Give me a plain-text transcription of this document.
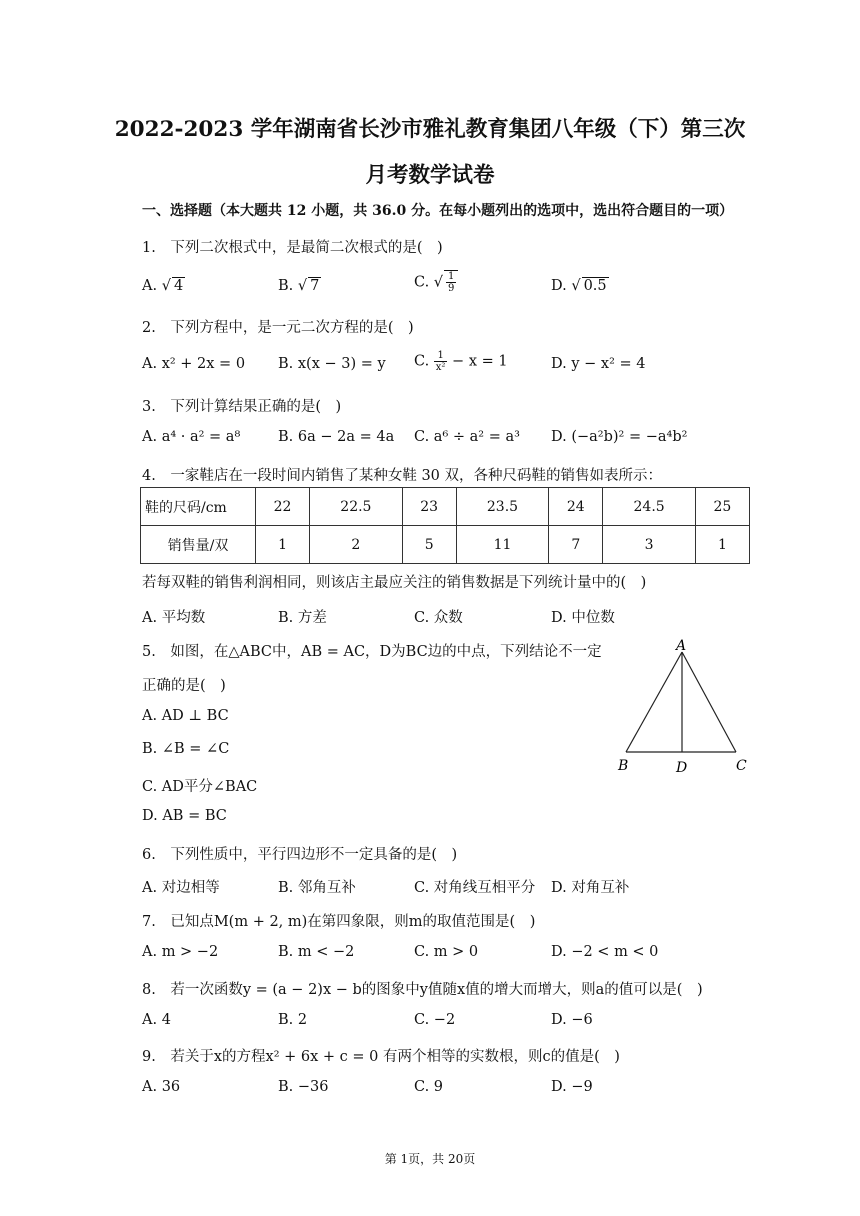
2022-2023 学年湖南省长沙市雅礼教育集团八年级（下）第三次
月考数学试卷
一、选择题（本大题共 12 小题，共 36.0 分。在每小题列出的选项中，选出符合题目的一项）
1.　下列二次根式中，是最简二次根式的是(　)
A. √ 4	B. √ 7	C. √ $\frac{1}{9}$	D. √ 0.5
2.　下列方程中，是一元二次方程的是(　)
A. x² + 2x = 0 B. x(x − 3) = y C. $\frac{1}{\text{x²}} - x = 1$	D. y − x² = 4
3.　下列计算结果正确的是(　)
A. a⁴ · a² = a⁸	B. 6a − 2a = 4a C. a⁶ ÷ a² = a³ D. (−a²b)² = −a⁴b²
4.　一家鞋店在一段时间内销售了某种女鞋 30 双，各种尺码鞋的销售如表所示：
鞋的尺码/cm	22	22.5	23	23.5	24	24.5	25
销售量/双	1	2	5	11	7	3	1
若每双鞋的销售利润相同，则该店主最应关注的销售数据是下列统计量中的(　)
A. 平均数	B. 方差	C. 众数	D. 中位数
5.　如图，在△ABC中，AB = AC，D为BC边的中点，下列结论不一定
正确的是(　)
A. AD ⊥ BC
B. ∠B = ∠C
C. AD平分∠BAC
D. AB = BC
A
B	D	C
6.　下列性质中，平行四边形不一定具备的是(　)
A. 对边相等	B. 邻角互补	C. 对角线互相平分 D. 对角互补
7.　已知点M(m + 2, m)在第四象限，则m的取值范围是(　)
A. m > −2	B. m < −2	C. m > 0	D. −2 < m < 0
8.　若一次函数y = (a − 2)x − b的图象中y值随x值的增大而增大，则a的值可以是(　)
A. 4	B. 2	C. −2	D. −6
9.　若关于x的方程x² + 6x + c = 0 有两个相等的实数根，则c的值是(　)
A. 36	B. −36	C. 9	D. −9
第 1页，共 20页
